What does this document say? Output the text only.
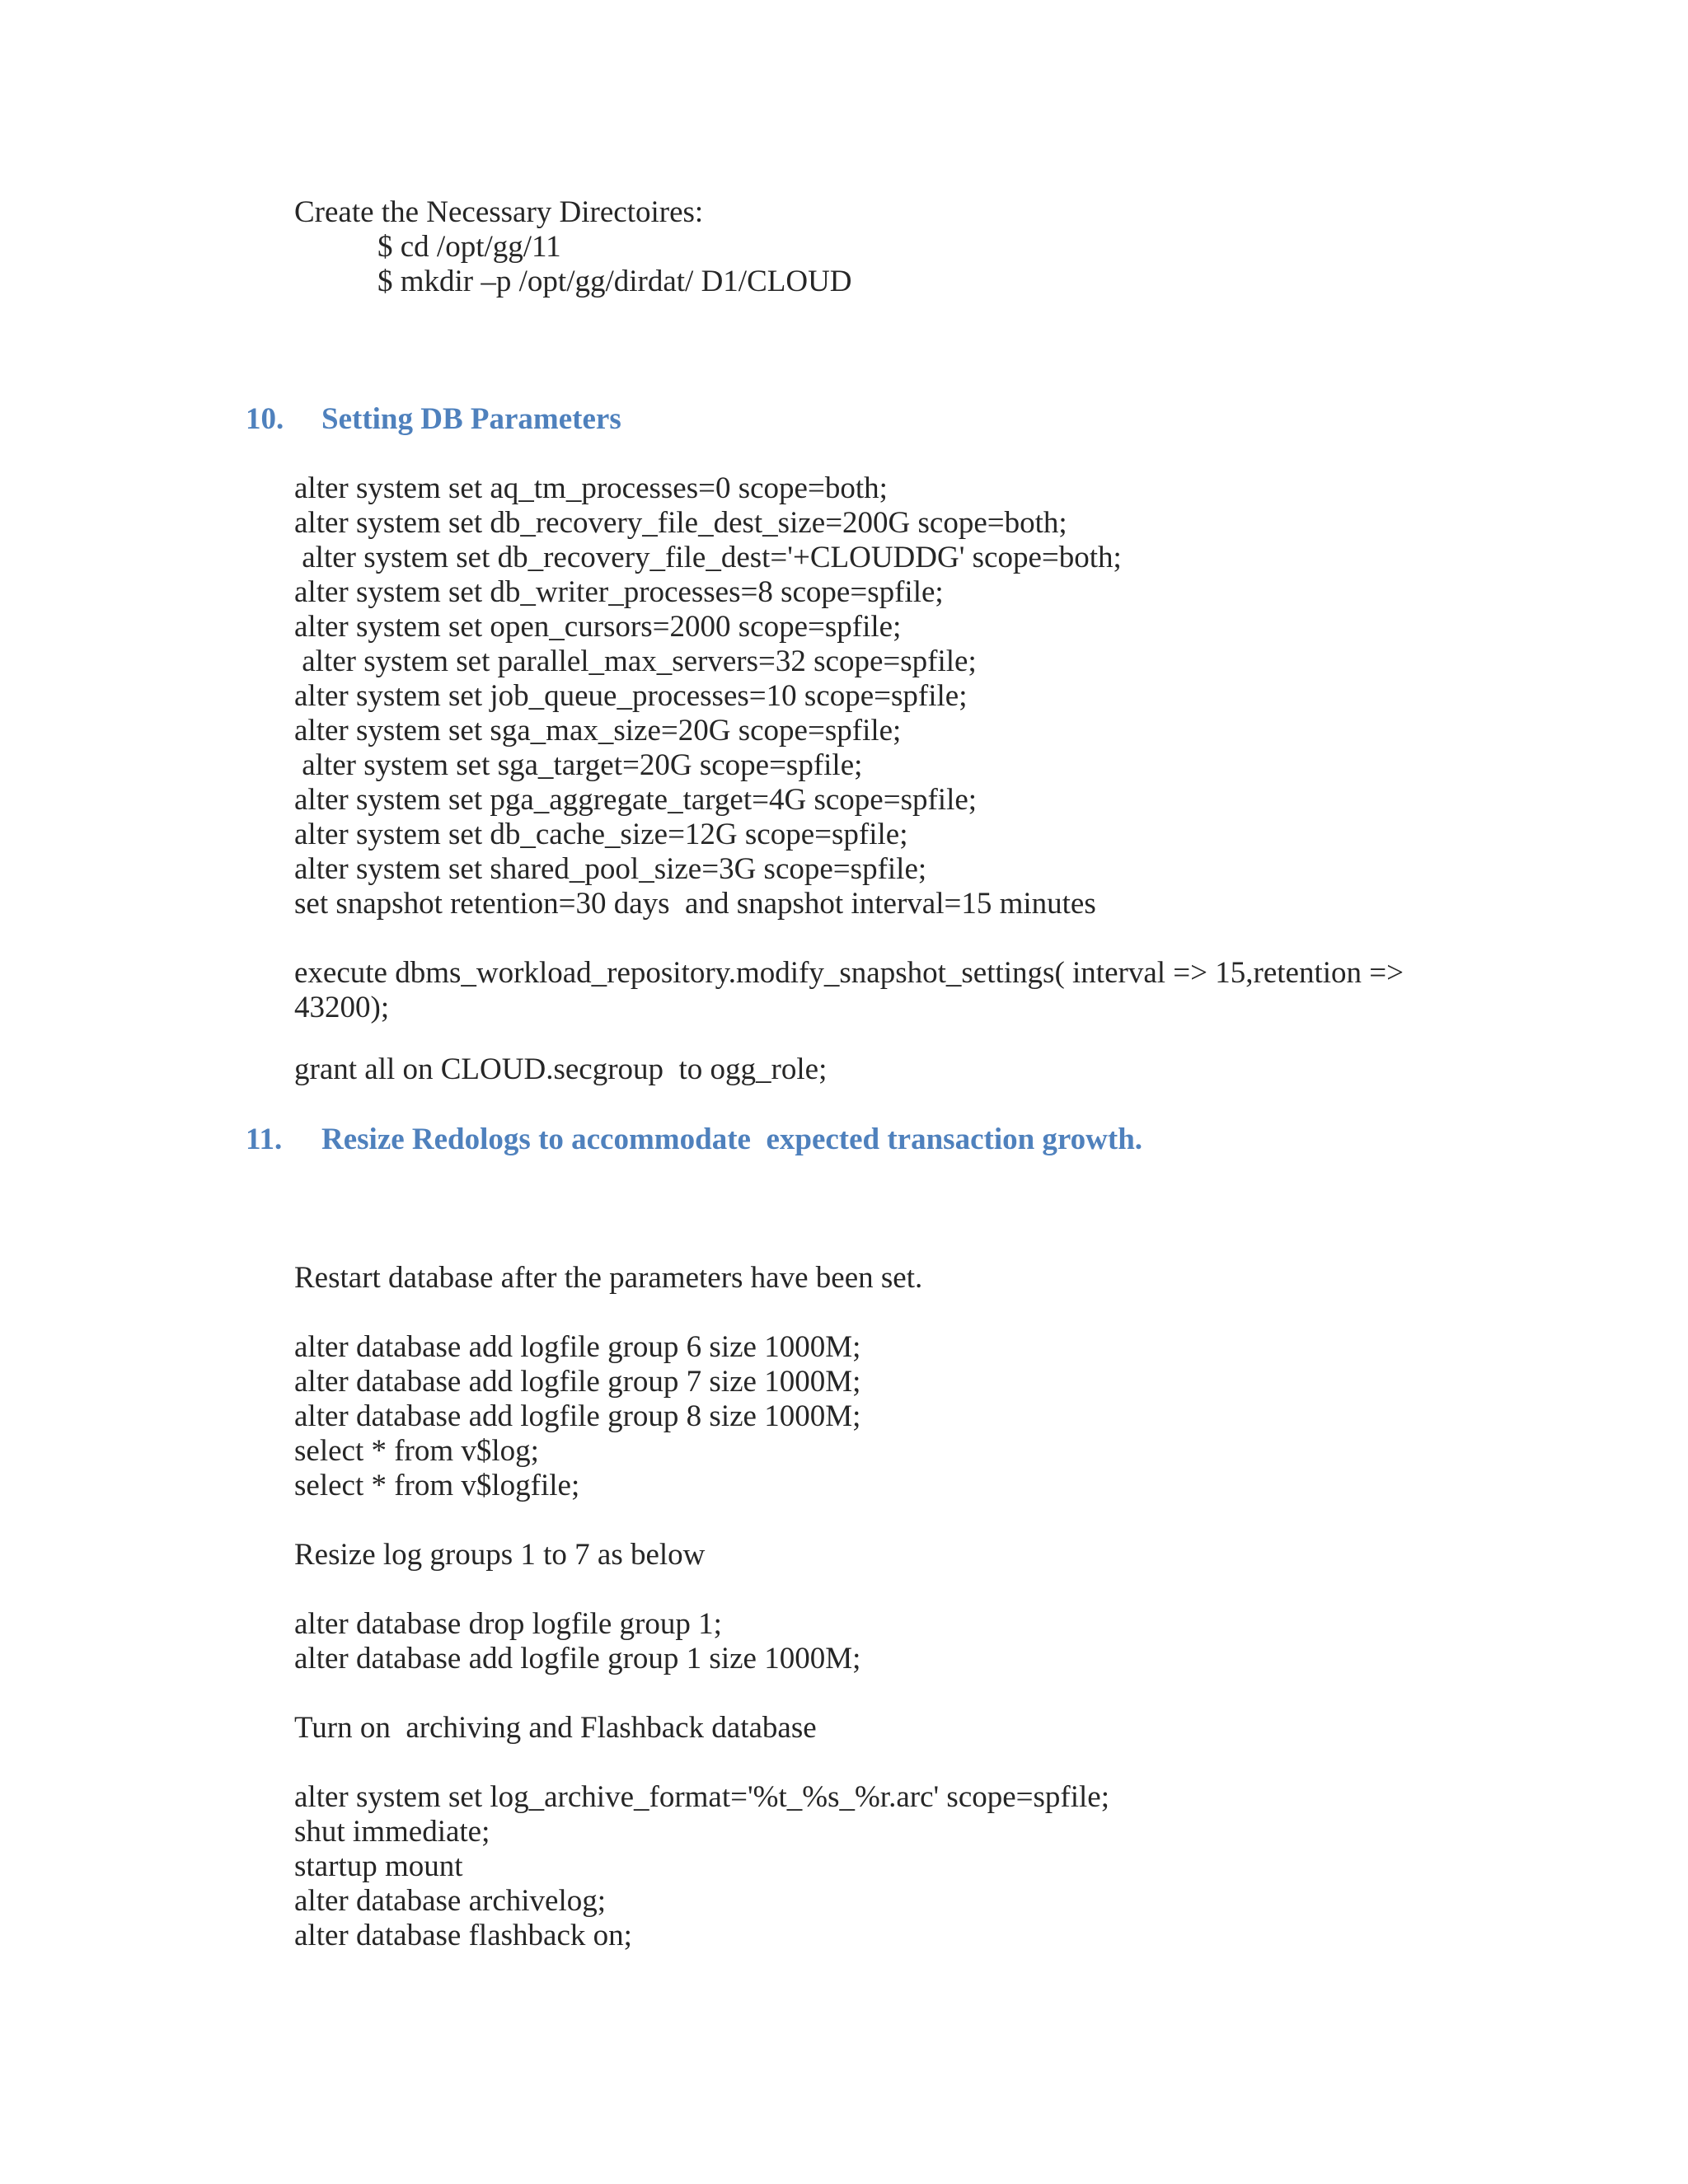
Create the Necessary Directoires:
$ cd /opt/gg/11
$ mkdir –p /opt/gg/dirdat/ D1/CLOUD
10. Setting DB Parameters
alter system set aq_tm_processes=0 scope=both;
alter system set db_recovery_file_dest_size=200G scope=both;
alter system set db_recovery_file_dest='+CLOUDDG' scope=both;
alter system set db_writer_processes=8 scope=spfile;
alter system set open_cursors=2000 scope=spfile;
alter system set parallel_max_servers=32 scope=spfile;
alter system set job_queue_processes=10 scope=spfile;
alter system set sga_max_size=20G scope=spfile;
alter system set sga_target=20G scope=spfile;
alter system set pga_aggregate_target=4G scope=spfile;
alter system set db_cache_size=12G scope=spfile;
alter system set shared_pool_size=3G scope=spfile;
set snapshot retention=30 days  and snapshot interval=15 minutes
execute dbms_workload_repository.modify_snapshot_settings( interval => 15,retention =>
43200);
grant all on CLOUD.secgroup  to ogg_role;
11. Resize Redologs to accommodate  expected transaction growth.
Restart database after the parameters have been set.
alter database add logfile group 6 size 1000M;
alter database add logfile group 7 size 1000M;
alter database add logfile group 8 size 1000M;
select * from v$log;
select * from v$logfile;
Resize log groups 1 to 7 as below
alter database drop logfile group 1;
alter database add logfile group 1 size 1000M;
Turn on  archiving and Flashback database
alter system set log_archive_format='%t_%s_%r.arc' scope=spfile;
shut immediate;
startup mount
alter database archivelog;
alter database flashback on;
